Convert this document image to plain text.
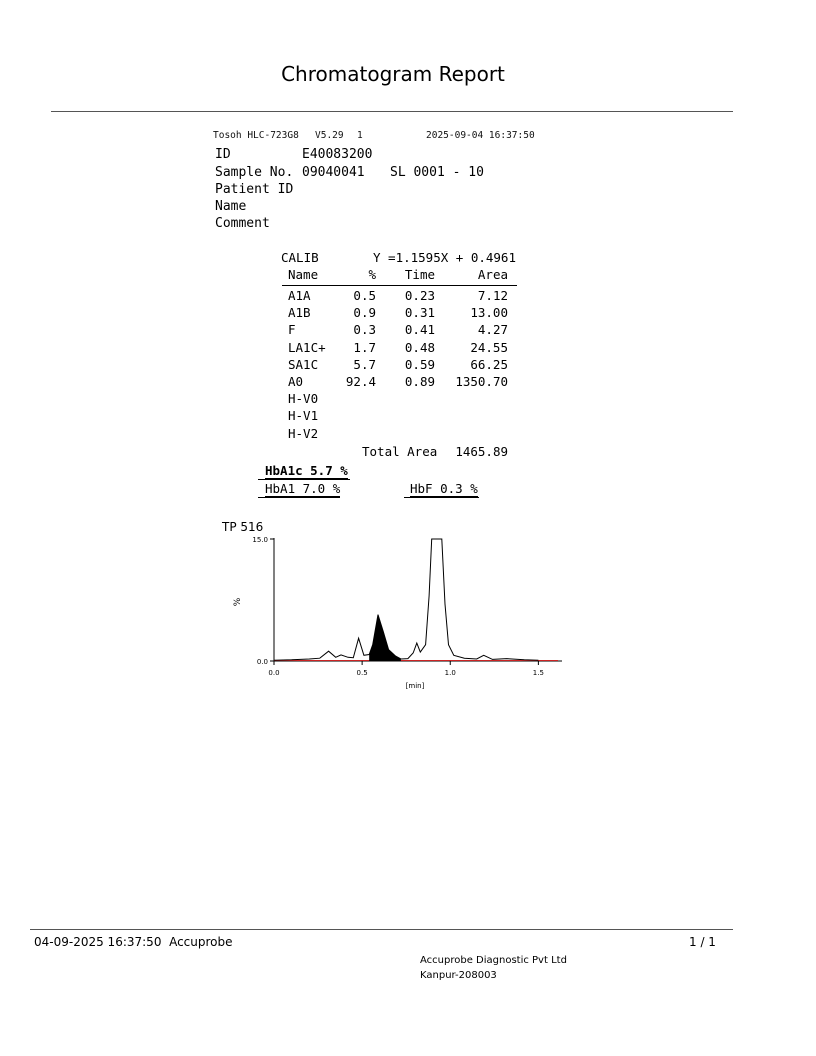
Chromatogram Report
Tosoh HLC-723G8 V5.29 1	2025-09-04 16:37:50
ID	E40083200
Sample No. 09040041 SL 0001 - 10
Patient ID
Name
Comment
CALIB	Y =1.1595X + 0.4961
Name	%	Time	Area
A1A	0.5	0.23	7.12
A1B	0.9	0.31	13.00
F	0.3	0.41	4.27
LA1C+	1.7	0.48	24.55
SA1C	5.7	0.59	66.25
A0	92.4	0.89	1350.70
H-V0
H-V1
H-V2
Total Area	1465.89
HbA1c 5.7 %
HbA1 7.0 %	HbF 0.3 %
TP 516
15.0
0.0
%
0.0	0.5	1.0	1.5
[min]
04-09-2025 16:37:50  Accuprobe	1 / 1
Accuprobe Diagnostic Pvt Ltd
Kanpur-208003
